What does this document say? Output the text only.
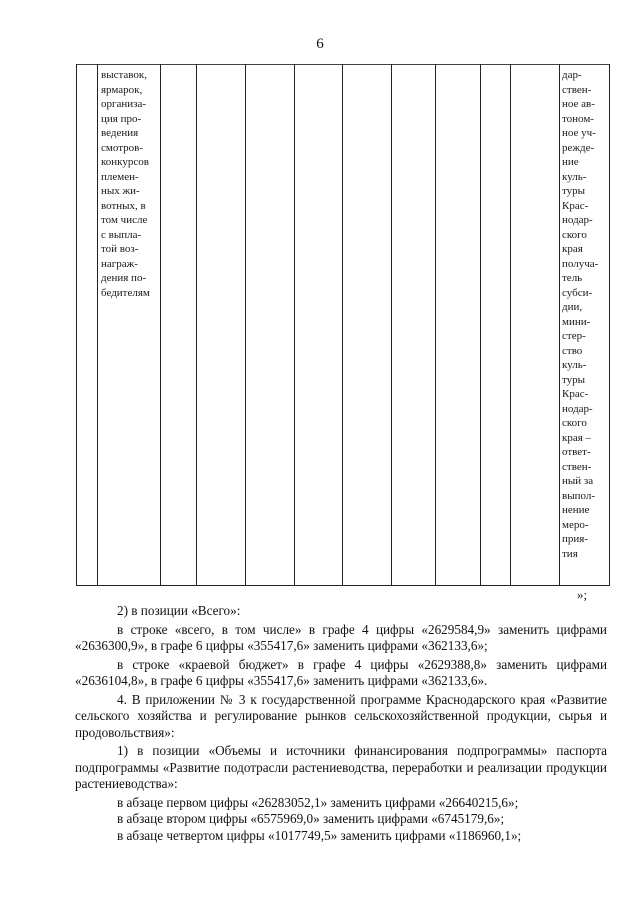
6
выставок,
ярмарок,
организа-
ция про-
ведения
смотров-
конкурсов
племен-
ных жи-
вотных, в
том числе
с выпла-
той воз-
награж-
дения по-
бедителям
дар-
ствен-
ное ав-
тоном-
ное уч-
режде-
ние
куль-
туры
Крас-
нодар-
ского
края
получа-
тель
субси-
дии,
мини-
стер-
ство
куль-
туры
Крас-
нодар-
ского
края –
ответ-
ствен-
ный за
выпол-
нение
меро-
прия-
тия
»;

2) в позиции «Всего»:

в строке «всего, в том числе» в графе 4 цифры «2629584,9» заменить цифрами «2636300,9», в графе 6 цифры «355417,6» заменить цифрами «362133,6»;

в строке «краевой бюджет» в графе 4 цифры «2629388,8» заменить цифрами «2636104,8», в графе 6 цифры «355417,6» заменить цифрами «362133,6».

4. В приложении № 3 к государственной программе Краснодарского края «Развитие сельского хозяйства и регулирование рынков сельскохозяйственной продукции, сырья и продовольствия»:

1) в позиции «Объемы и источники финансирования подпрограммы» паспорта подпрограммы «Развитие подотрасли растениеводства, переработки и реализации продукции растениеводства»:

в абзаце первом цифры «26283052,1» заменить цифрами «26640215,6»;

в абзаце втором цифры «6575969,0» заменить цифрами «6745179,6»;

в абзаце четвертом цифры «1017749,5» заменить цифрами «1186960,1»;
